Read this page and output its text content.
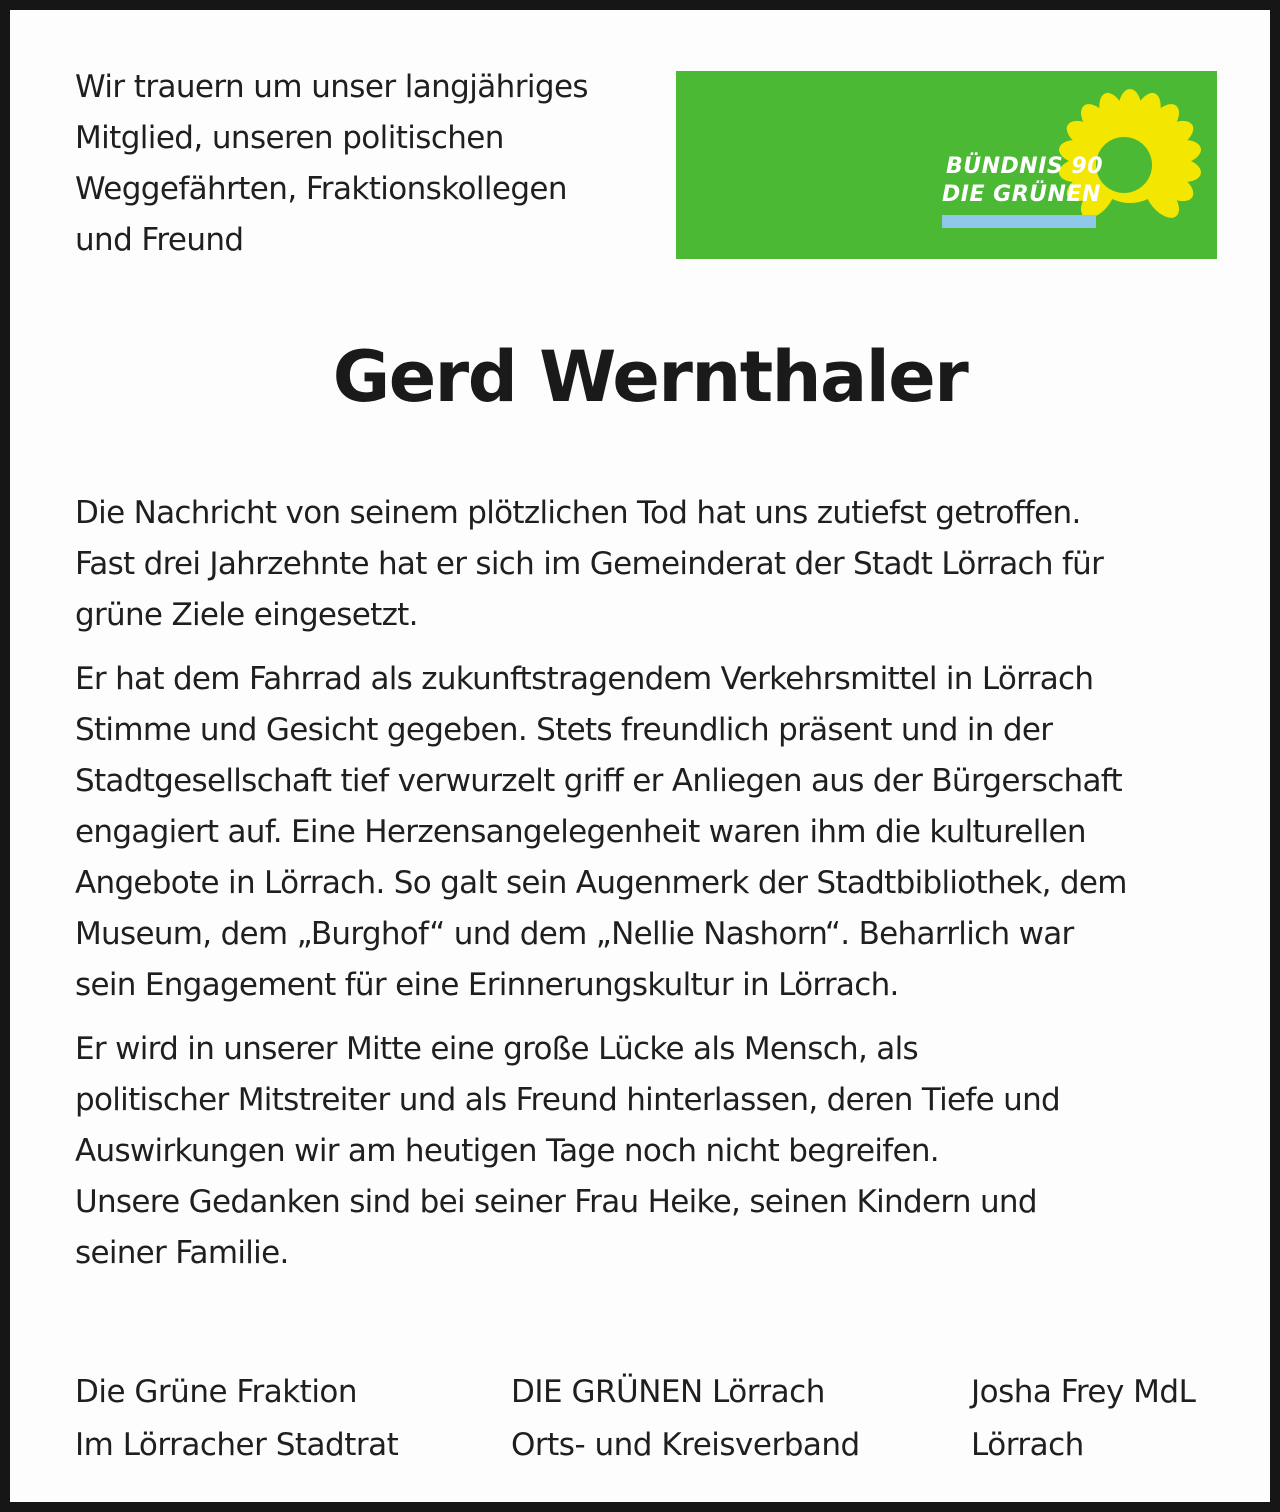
Wir trauern um unser langjähriges
Mitglied, unseren politischen
Weggefährten, Fraktionskollegen
und Freund
BÜNDNIS 90
DIE GRÜNEN
Gerd Wernthaler
Die Nachricht von seinem plötzlichen Tod hat uns zutiefst getroffen.
Fast drei Jahrzehnte hat er sich im Gemeinderat der Stadt Lörrach für
grüne Ziele eingesetzt.
Er hat dem Fahrrad als zukunftstragendem Verkehrsmittel in Lörrach
Stimme und Gesicht gegeben. Stets freundlich präsent und in der
Stadtgesellschaft tief verwurzelt griff er Anliegen aus der Bürgerschaft
engagiert auf. Eine Herzensangelegenheit waren ihm die kulturellen
Angebote in Lörrach. So galt sein Augenmerk der Stadtbibliothek, dem
Museum, dem „Burghof“ und dem „Nellie Nashorn“. Beharrlich war
sein Engagement für eine Erinnerungskultur in Lörrach.
Er wird in unserer Mitte eine große Lücke als Mensch, als
politischer Mitstreiter und als Freund hinterlassen, deren Tiefe und
Auswirkungen wir am heutigen Tage noch nicht begreifen.
Unsere Gedanken sind bei seiner Frau Heike, seinen Kindern und
seiner Familie.
Die Grüne Fraktion
Im Lörracher Stadtrat
DIE GRÜNEN Lörrach
Orts- und Kreisverband
Josha Frey MdL
Lörrach
